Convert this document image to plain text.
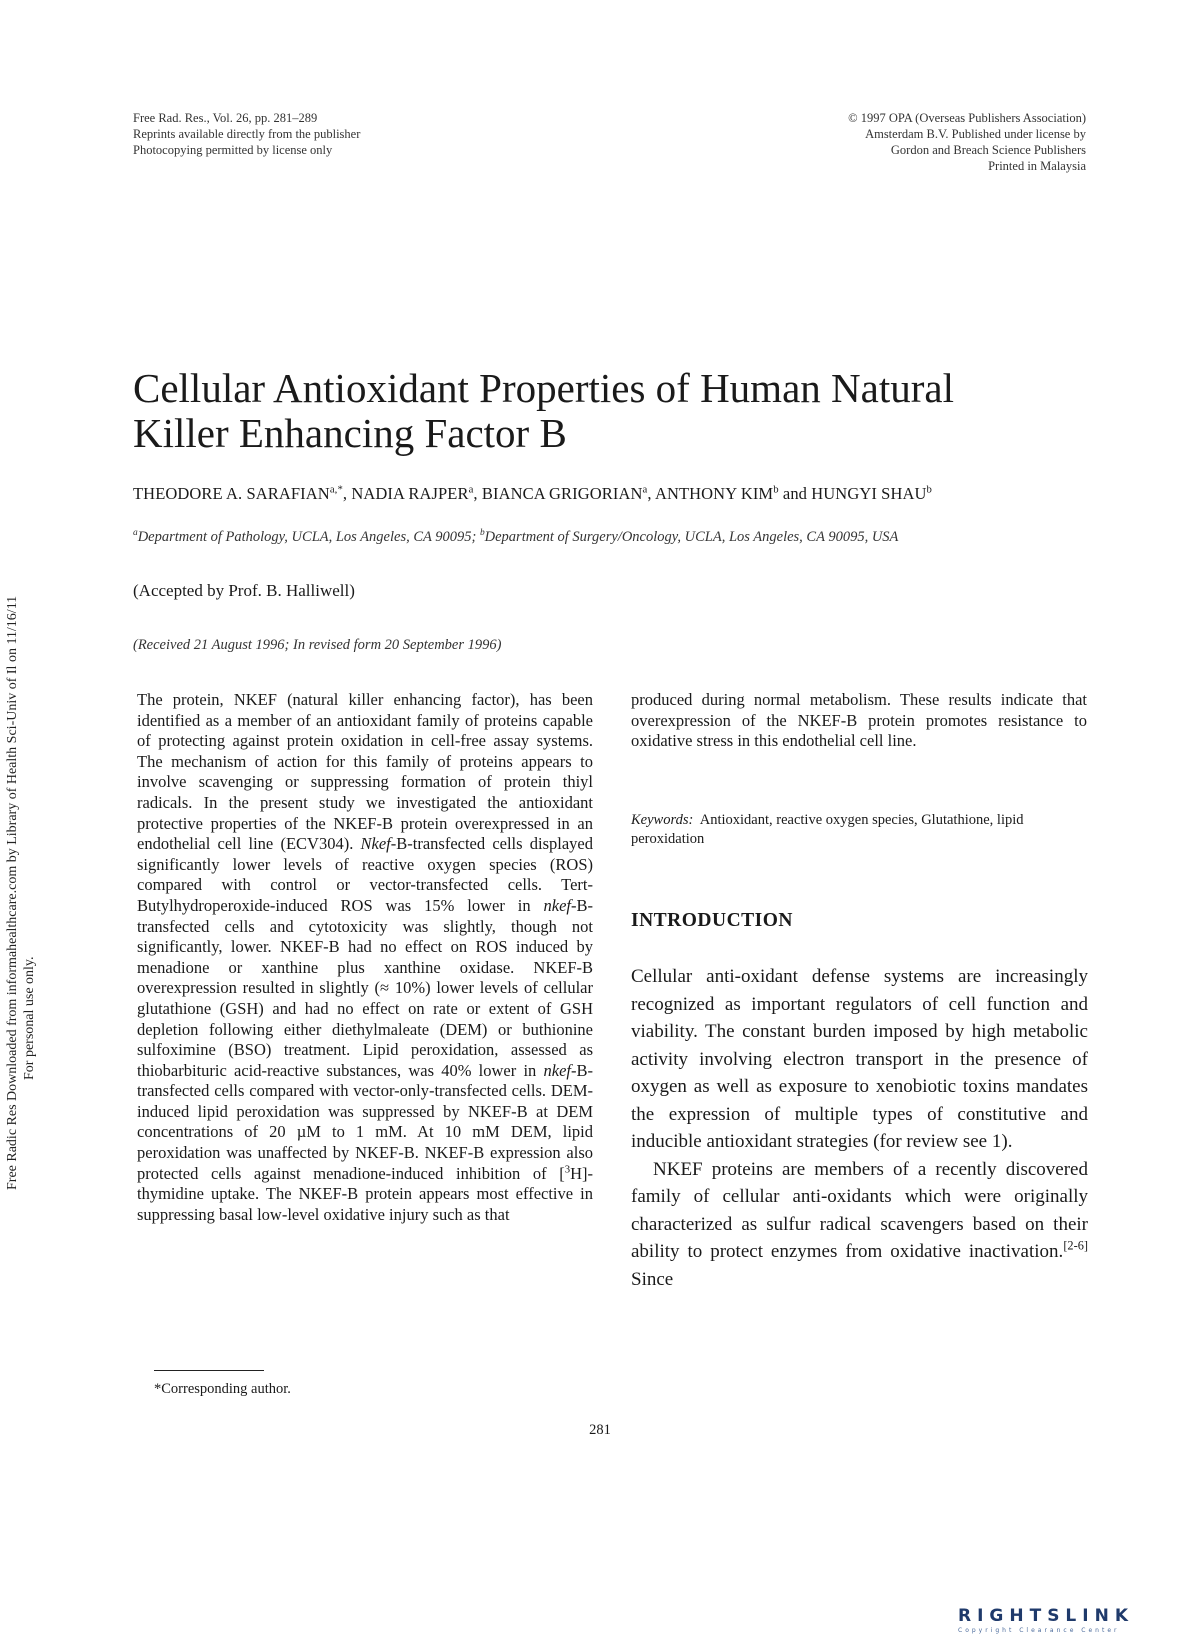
Free Rad. Res., Vol. 26, pp. 281–289
Reprints available directly from the publisher
Photocopying permitted by license only
© 1997 OPA (Overseas Publishers Association)
Amsterdam B.V. Published under license by
Gordon and Breach Science Publishers
Printed in Malaysia
Cellular Antioxidant Properties of Human Natural Killer Enhancing Factor B
THEODORE A. $SARAFIAN^{a,*}$, NADIA RAJPER$^a$, BIANCA GRIGORIAN$^a$, ANTHONY KIM$^b$ and HUNGYI SHAU$^b$
$^a$Department of Pathology, UCLA, Los Angeles, CA 90095; $^b$Department of Surgery/Oncology, UCLA, Los Angeles, CA 90095, USA
(Accepted by Prof. B. Halliwell)
(Received 21 August 1996; In revised form 20 September 1996)
The protein, NKEF (natural killer enhancing factor), has been identified as a member of an antioxidant family of proteins capable of protecting against protein oxidation in cell-free assay systems. The mechanism of action for this family of proteins appears to involve scavenging or suppressing formation of protein thiyl radicals. In the present study we investigated the antioxidant protective properties of the NKEF-B protein overexpressed in an endothelial cell line (ECV304). Nkef-B-transfected cells displayed significantly lower levels of reactive oxygen species (ROS) compared with control or vector-transfected cells. Tert-Butylhydroperoxide-induced ROS was 15% lower in nkef-B-transfected cells and cytotoxicity was slightly, though not significantly, lower. NKEF-B had no effect on ROS induced by menadione or xanthine plus xanthine oxidase. NKEF-B overexpression resulted in slightly (≈ 10%) lower levels of cellular glutathione (GSH) and had no effect on rate or extent of GSH depletion following either diethylmaleate (DEM) or buthionine sulfoximine (BSO) treatment. Lipid peroxidation, assessed as thiobarbituric acid-reactive substances, was 40% lower in nkef-B-transfected cells compared with vector-only-transfected cells. DEM-induced lipid peroxidation was suppressed by NKEF-B at DEM concentrations of 20 µM to 1 mM. At 10 mM DEM, lipid peroxidation was unaffected by NKEF-B. NKEF-B expression also protected cells against menadione-induced inhibition of [$^3$H]-thymidine uptake. The NKEF-B protein appears most effective in suppressing basal low-level oxidative injury such as that
produced during normal metabolism. These results indicate that overexpression of the NKEF-B protein promotes resistance to oxidative stress in this endothelial cell line.
Keywords: Antioxidant, reactive oxygen species, Glutathione, lipid peroxidation
INTRODUCTION

Cellular anti-oxidant defense systems are increasingly recognized as important regulators of cell function and viability. The constant burden imposed by high metabolic activity involving electron transport in the presence of oxygen as well as exposure to xenobiotic toxins mandates the expression of multiple types of constitutive and inducible antioxidant strategies (for review see 1).

NKEF proteins are members of a recently discovered family of cellular anti-oxidants which were originally characterized as sulfur radical scavengers based on their ability to protect enzymes from oxidative inactivation.[2-6] Since

*Corresponding author.
281
Free Radic Res Downloaded from informahealthcare.com by Library of Health Sci-Univ of Il on 11/16/11 For personal use only.
RIGHTSLINK
Copyright Clearance Center
